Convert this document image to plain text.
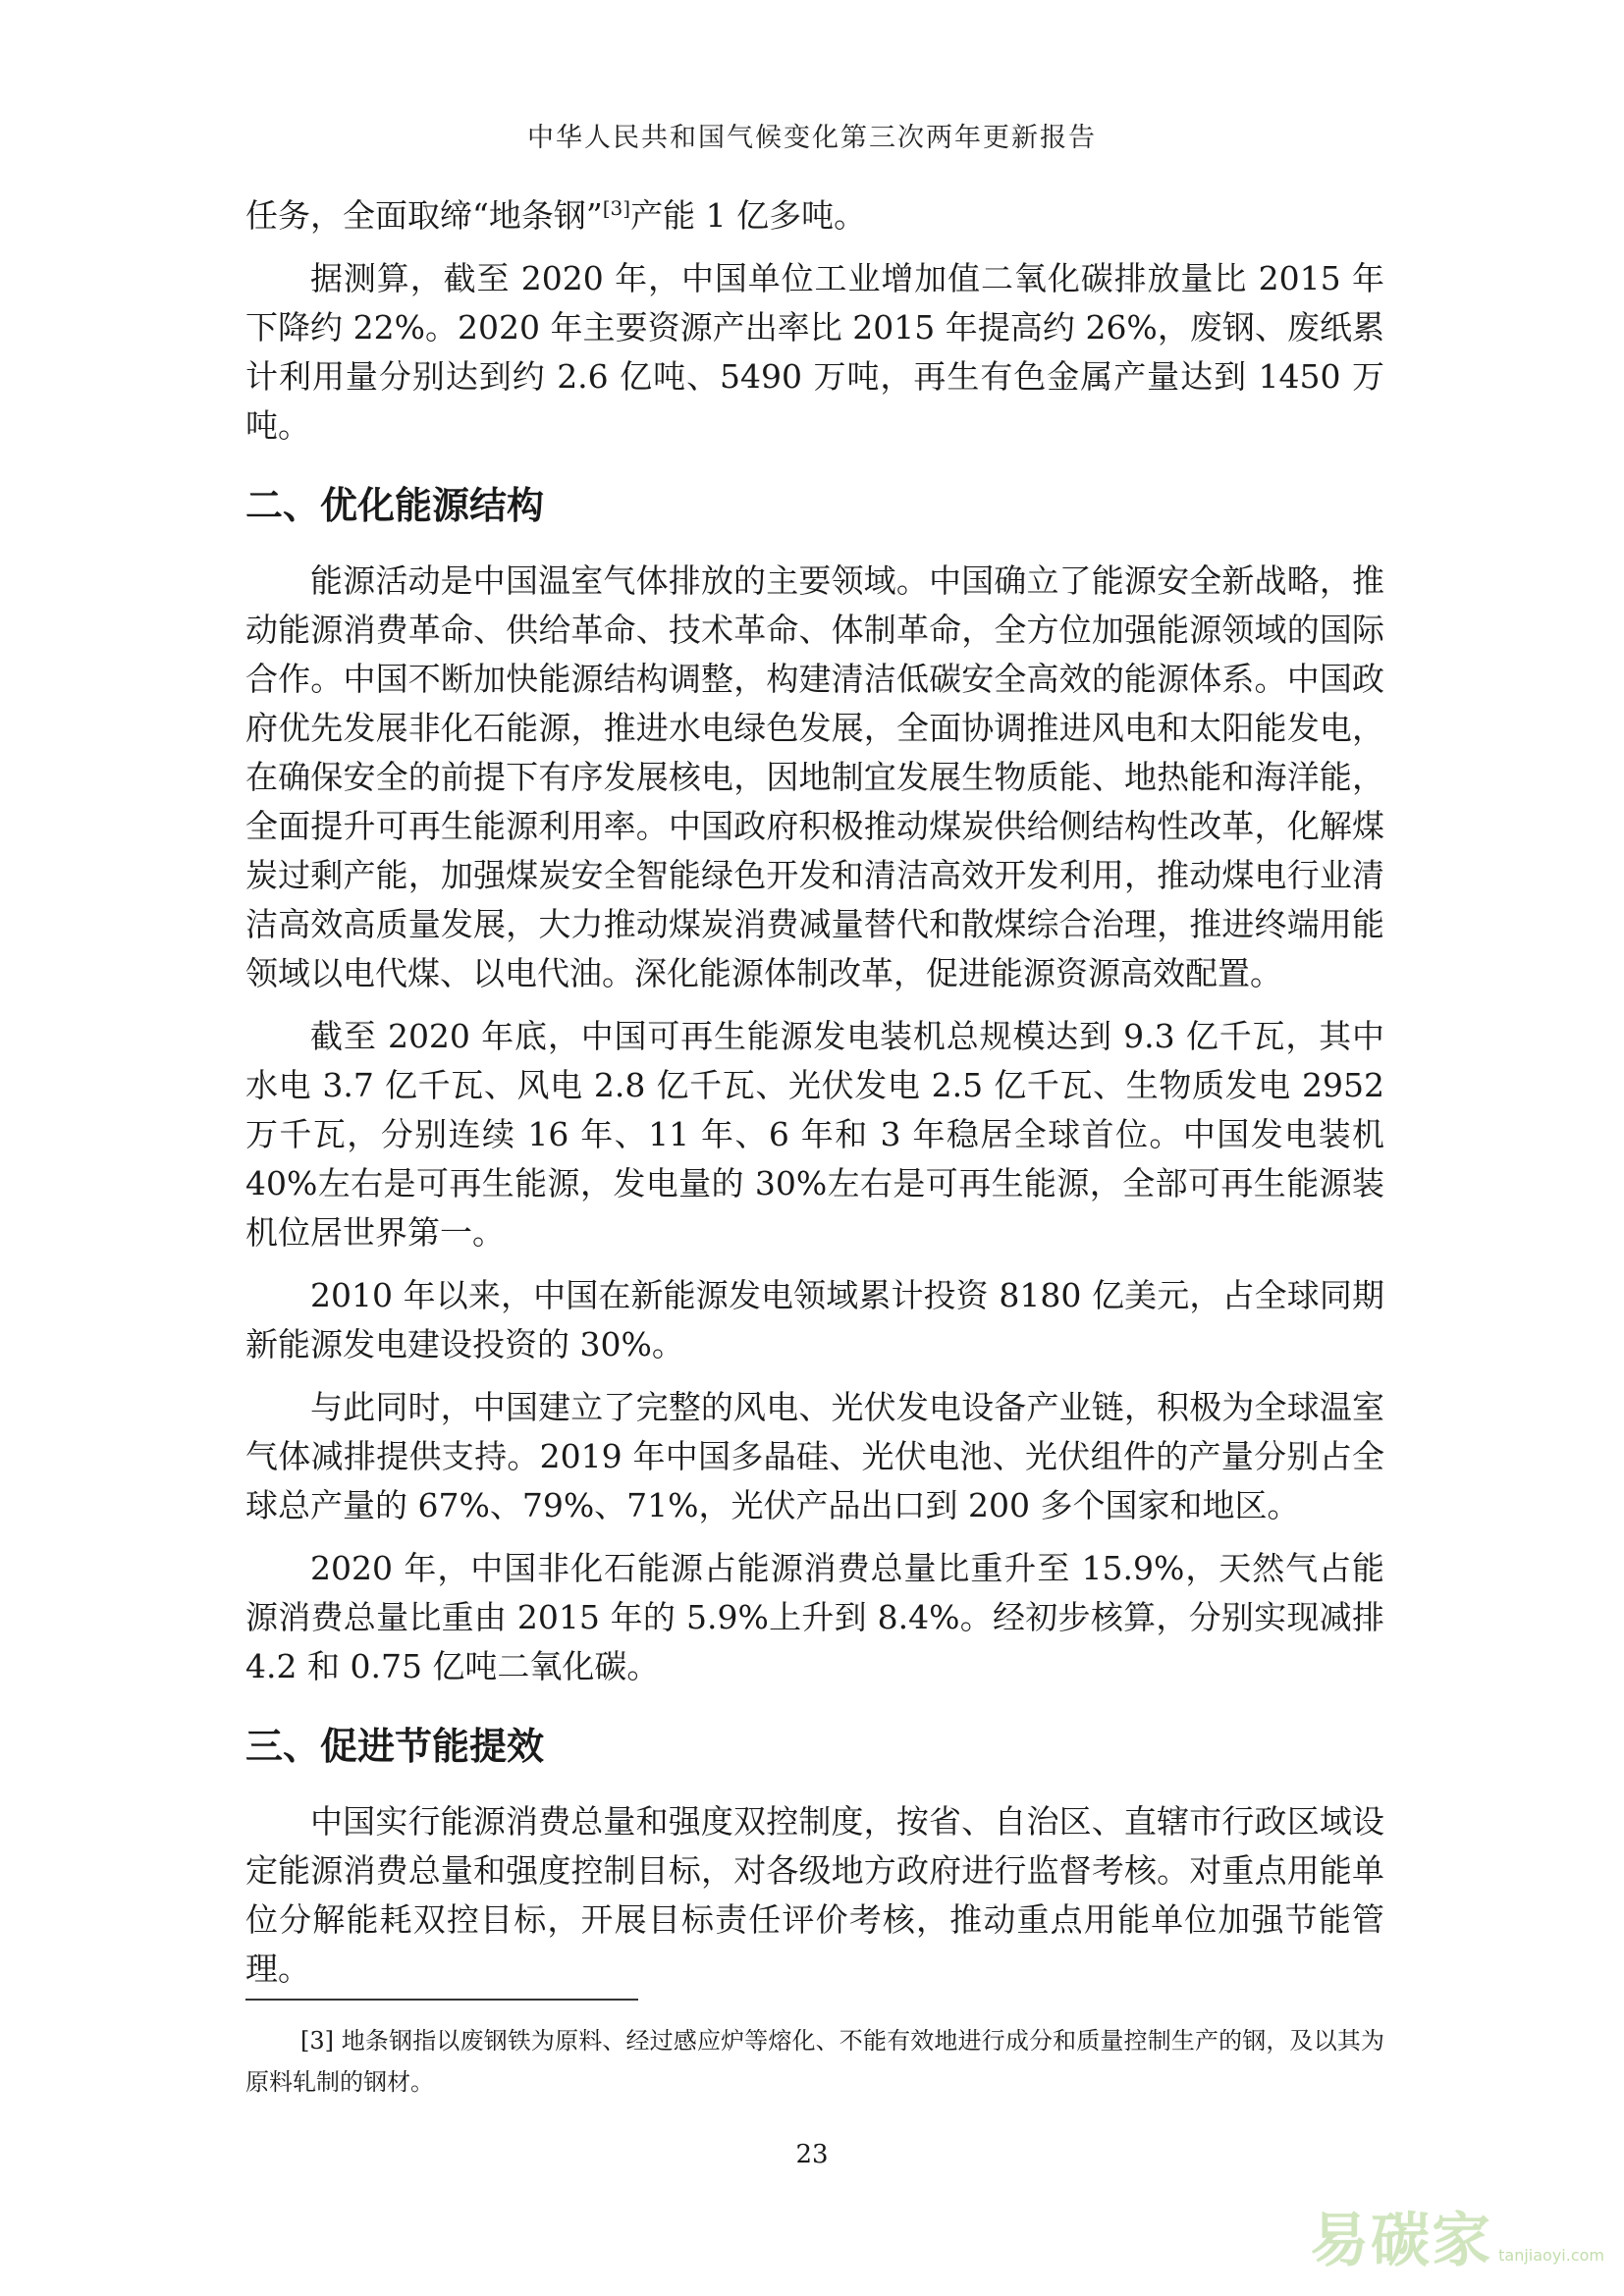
中华人民共和国气候变化第三次两年更新报告

任务，全面取缔“地条钢”[3]产能 1 亿多吨。

据测算，截至 2020 年，中国单位工业增加值二氧化碳排放量比 2015 年下降约 22%。2020 年主要资源产出率比 2015 年提高约 26%，废钢、废纸累计利用量分别达到约 2.6 亿吨、5490 万吨，再生有色金属产量达到 1450 万吨。

二、优化能源结构

能源活动是中国温室气体排放的主要领域。中国确立了能源安全新战略，推动能源消费革命、供给革命、技术革命、体制革命，全方位加强能源领域的国际合作。中国不断加快能源结构调整，构建清洁低碳安全高效的能源体系。中国政府优先发展非化石能源，推进水电绿色发展，全面协调推进风电和太阳能发电，在确保安全的前提下有序发展核电，因地制宜发展生物质能、地热能和海洋能，全面提升可再生能源利用率。中国政府积极推动煤炭供给侧结构性改革，化解煤炭过剩产能，加强煤炭安全智能绿色开发和清洁高效开发利用，推动煤电行业清洁高效高质量发展，大力推动煤炭消费减量替代和散煤综合治理，推进终端用能领域以电代煤、以电代油。深化能源体制改革，促进能源资源高效配置。

截至 2020 年底，中国可再生能源发电装机总规模达到 9.3 亿千瓦，其中水电 3.7 亿千瓦、风电 2.8 亿千瓦、光伏发电 2.5 亿千瓦、生物质发电 2952 万千瓦，分别连续 16 年、11 年、6 年和 3 年稳居全球首位。中国发电装机 40%左右是可再生能源，发电量的 30%左右是可再生能源，全部可再生能源装机位居世界第一。

2010 年以来，中国在新能源发电领域累计投资 8180 亿美元，占全球同期新能源发电建设投资的 30%。

与此同时，中国建立了完整的风电、光伏发电设备产业链，积极为全球温室气体减排提供支持。2019 年中国多晶硅、光伏电池、光伏组件的产量分别占全球总产量的 67%、79%、71%，光伏产品出口到 200 多个国家和地区。

2020 年，中国非化石能源占能源消费总量比重升至 15.9%，天然气占能源消费总量比重由 2015 年的 5.9%上升到 8.4%。经初步核算，分别实现减排 4.2 和 0.75 亿吨二氧化碳。

三、促进节能提效

中国实行能源消费总量和强度双控制度，按省、自治区、直辖市行政区域设定能源消费总量和强度控制目标，对各级地方政府进行监督考核。对重点用能单位分解能耗双控目标，开展目标责任评价考核，推动重点用能单位加强节能管理。

[3] 地条钢指以废钢铁为原料、经过感应炉等熔化、不能有效地进行成分和质量控制生产的钢，及以其为原料轧制的钢材。
23
易碳家 tanjiaoyi.com
